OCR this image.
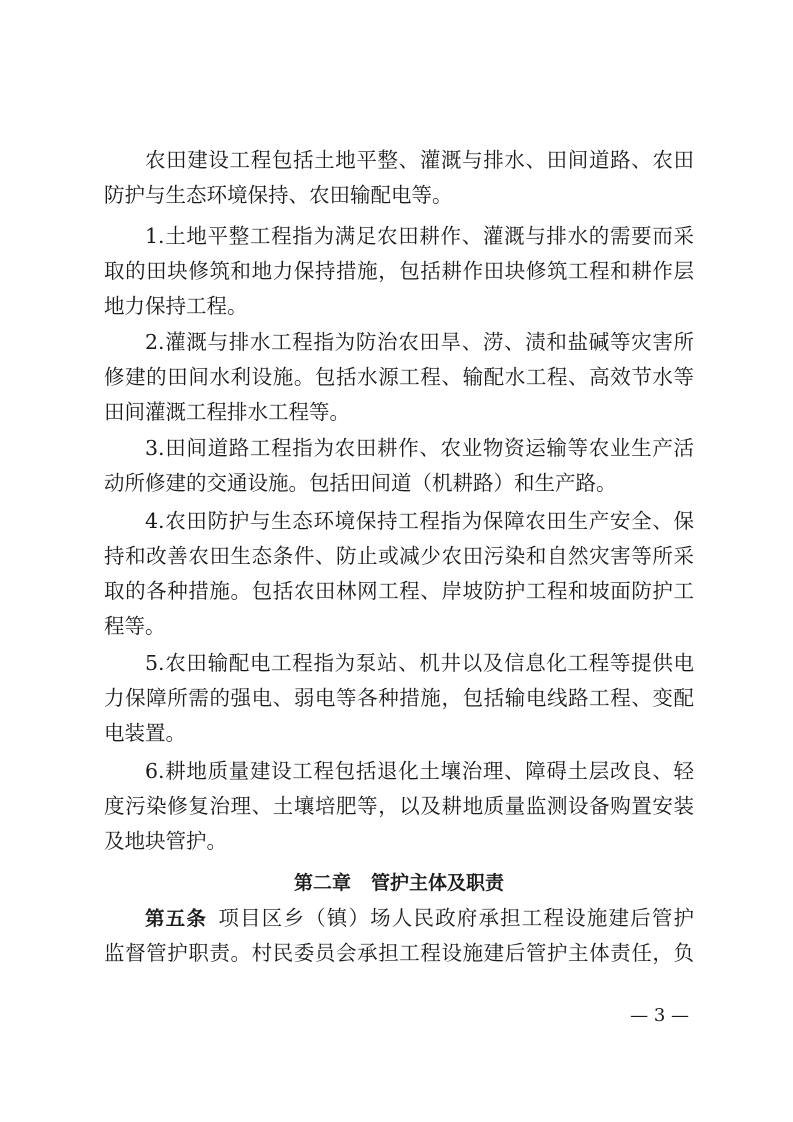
农田建设工程包括土地平整、灌溉与排水、田间道路、农田
防护与生态环境保持、农田输配电等。
1.土地平整工程指为满足农田耕作、灌溉与排水的需要而采
取的田块修筑和地力保持措施，包括耕作田块修筑工程和耕作层
地力保持工程。
2.灌溉与排水工程指为防治农田旱、涝、渍和盐碱等灾害所
修建的田间水利设施。包括水源工程、输配水工程、高效节水等
田间灌溉工程排水工程等。
3.田间道路工程指为农田耕作、农业物资运输等农业生产活
动所修建的交通设施。包括田间道（机耕路）和生产路。
4.农田防护与生态环境保持工程指为保障农田生产安全、保
持和改善农田生态条件、防止或减少农田污染和自然灾害等所采
取的各种措施。包括农田林网工程、岸坡防护工程和坡面防护工
程等。
5.农田输配电工程指为泵站、机井以及信息化工程等提供电
力保障所需的强电、弱电等各种措施，包括输电线路工程、变配
电装置。
6.耕地质量建设工程包括退化土壤治理、障碍土层改良、轻
度污染修复治理、土壤培肥等，以及耕地质量监测设备购置安装
及地块管护。
第二章 管护主体及职责
第五条  项目区乡（镇）场人民政府承担工程设施建后管护
监督管护职责。村民委员会承担工程设施建后管护主体责任，负
— 3 —
